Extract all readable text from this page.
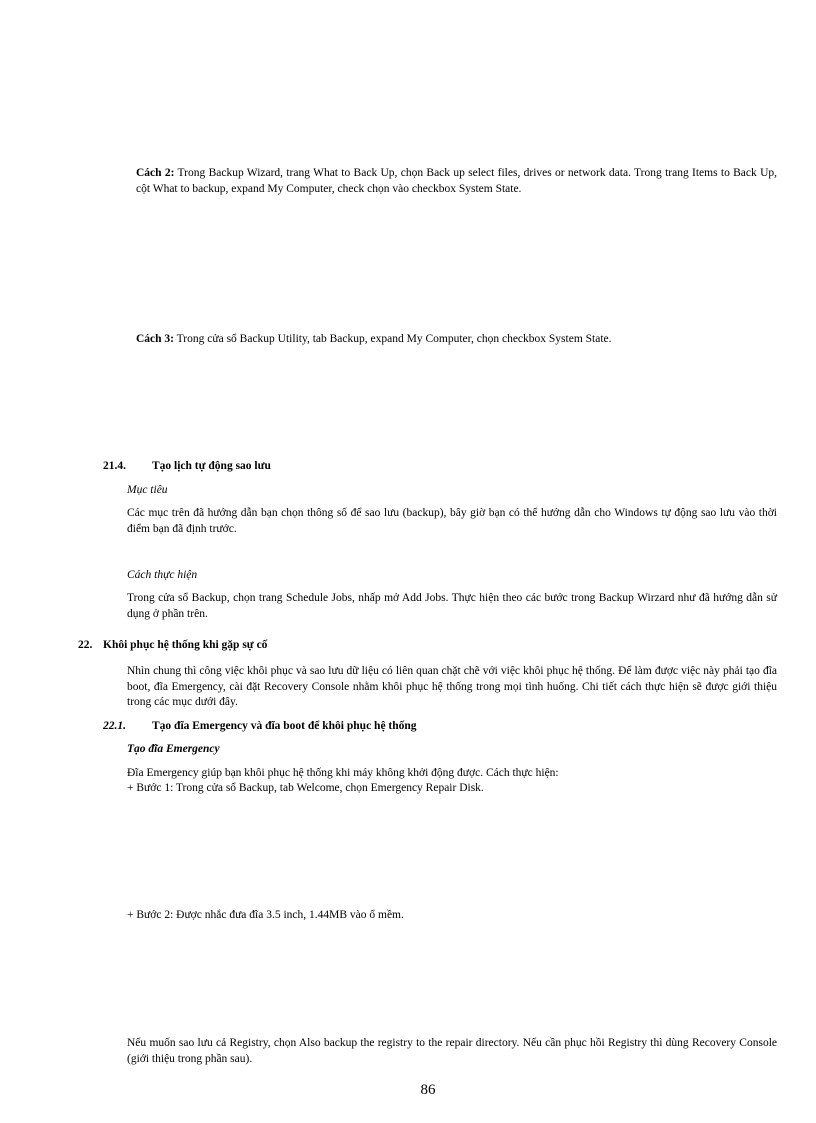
Cách 2: Trong Backup Wizard, trang What to Back Up, chọn Back up select files, drives or network data. Trong trang Items to Back Up, cột What to backup, expand My Computer, check chọn vào checkbox System State.
Cách 3: Trong cửa sổ Backup Utility, tab Backup, expand My Computer, chọn checkbox System State.
21.4. Tạo lịch tự động sao lưu
Mục tiêu
Các mục trên đã hướng dẫn bạn chọn thông số để sao lưu (backup), bây giờ bạn có thể hướng dẫn cho Windows tự động sao lưu vào thời điểm bạn đã định trước.
Cách thực hiện
Trong cửa sổ Backup, chọn trang Schedule Jobs, nhấp mở Add Jobs. Thực hiện theo các bước trong Backup Wirzard như đã hướng dẫn sử dụng ở phần trên.
22. Khôi phục hệ thống khi gặp sự cố
Nhìn chung thì công việc khôi phục và sao lưu dữ liệu có liên quan chặt chẽ với việc khôi phục hệ thống. Để làm được việc này phải tạo đĩa boot, đĩa Emergency, cài đặt Recovery Console nhằm khôi phục hệ thống trong mọi tình huống. Chi tiết cách thực hiện sẽ được giới thiệu trong các mục dưới đây.
22.1. Tạo đĩa Emergency và đĩa boot để khôi phục hệ thống
Tạo đĩa Emergency
Đĩa Emergency giúp bạn khôi phục hệ thống khi máy không khởi động được. Cách thực hiện:
+ Bước 1: Trong cửa sổ Backup, tab Welcome, chọn Emergency Repair Disk.
+ Bước 2: Được nhắc đưa đĩa 3.5 inch, 1.44MB vào ổ mềm.
Nếu muốn sao lưu cả Registry, chọn Also backup the registry to the repair directory. Nếu cần phục hồi Registry thì dùng Recovery Console (giới thiệu trong phần sau).
86
